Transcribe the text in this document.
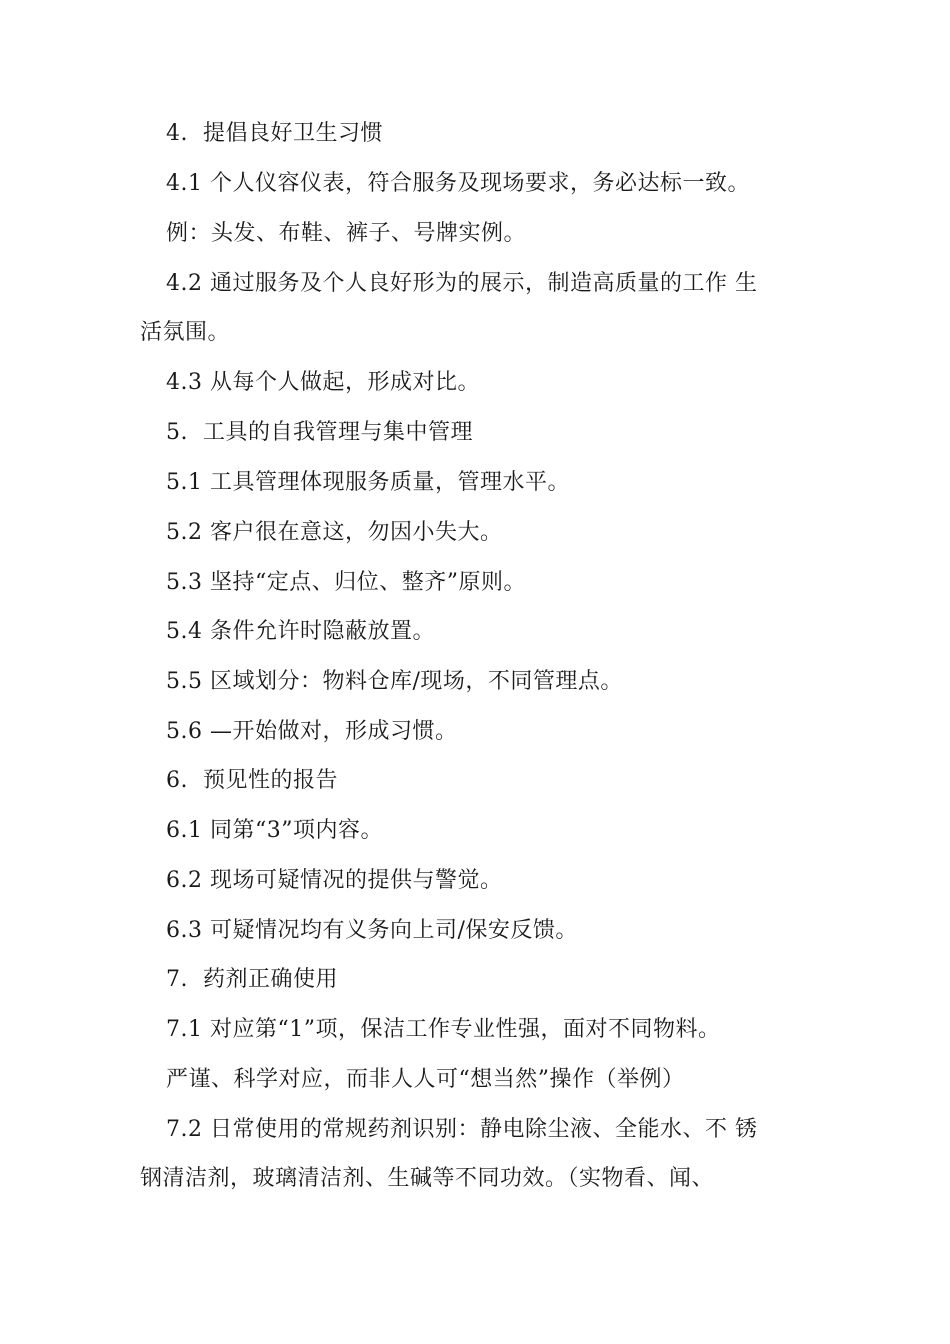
4.  提倡良好卫生习惯
4.1 个人仪容仪表，符合服务及现场要求，务必达标一致。
例：头发、布鞋、裤子、号牌实例。
4.2 通过服务及个人良好形为的展示，制造高质量的工作 生
活氛围。
4.3 从每个人做起，形成对比。
5.  工具的自我管理与集中管理
5.1 工具管理体现服务质量，管理水平。
5.2 客户很在意这，勿因小失大。
5.3 坚持“定点、归位、整齐”原则。
5.4 条件允许时隐蔽放置。
5.5 区域划分：物料仓库/现场，不同管理点。
5.6 —开始做对，形成习惯。
6.  预见性的报告
6.1 同第“3”项内容。
6.2 现场可疑情况的提供与警觉。
6.3 可疑情况均有义务向上司/保安反馈。
7.  药剂正确使用
7.1 对应第“1”项，保洁工作专业性强，面对不同物料。
严谨、科学对应，而非人人可“想当然”操作（举例）
7.2 日常使用的常规药剂识别：静电除尘液、全能水、不 锈
钢清洁剂，玻璃清洁剂、生碱等不同功效。（实物看、闻、
